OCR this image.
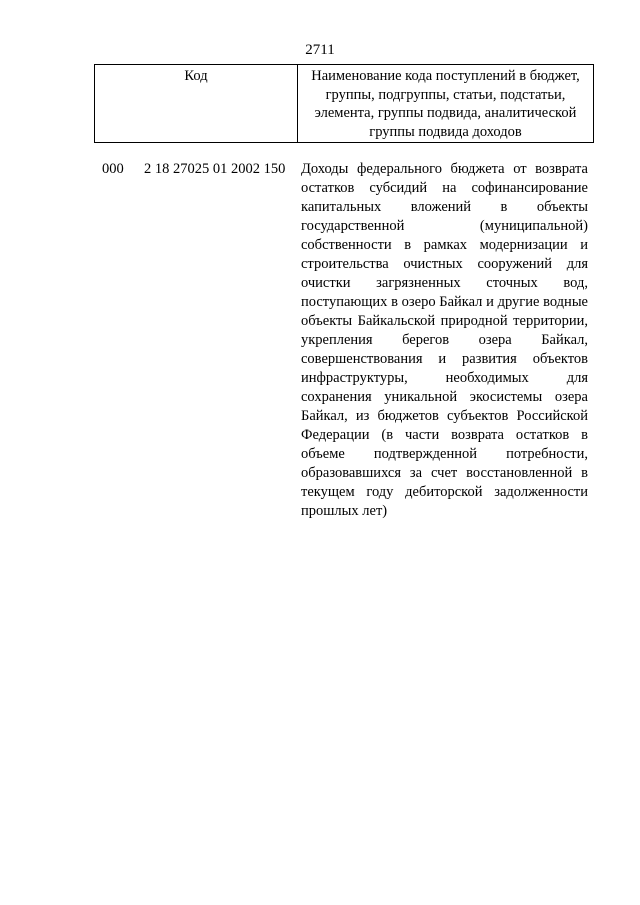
2711
Код	Наименование кода поступлений в бюджет, группы, подгруппы, статьи, подстатьи, элемента, группы подвида, аналитической группы подвида доходов
000 2 18 27025 01 2002 150 Доходы федерального бюджета от возврата остатков субсидий на софинансирование капитальных вложений в объекты государственной (муниципальной) собственности в рамках модернизации и строительства очистных сооружений для очистки загрязненных сточных вод, поступающих в озеро Байкал и другие водные объекты Байкальской природной территории, укрепления берегов озера Байкал, совершенствования и развития объектов инфраструктуры, необходимых для сохранения уникальной экосистемы озера Байкал, из бюджетов субъектов Российской Федерации (в части возврата остатков в объеме подтвержденной потребности, образовавшихся за счет восстановленной в текущем году дебиторской задолженности прошлых лет)
